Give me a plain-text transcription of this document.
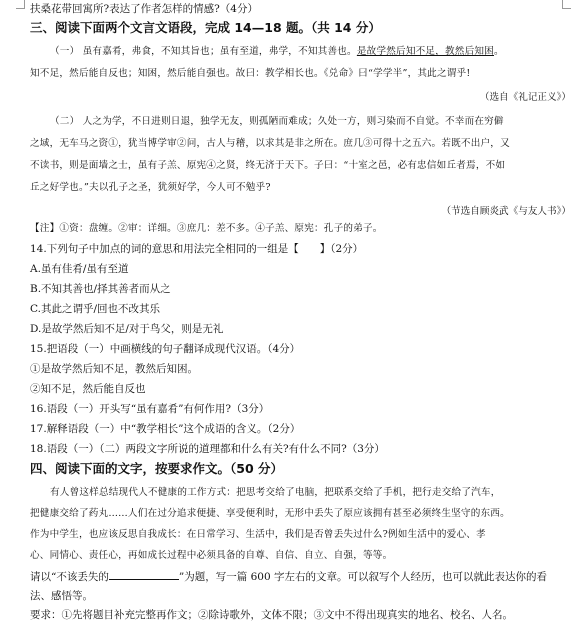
扶桑花带回寓所?表达了作者怎样的情感?（4分）
三、阅读下面两个文言文语段，完成 14—18 题。（共 14 分）
（一） 虽有嘉肴，弗食，不知其旨也；虽有至道，弗学，不知其善也。是故学然后知不足，教然后知困。
知不足，然后能自反也；知困，然后能自强也。故曰：教学相长也。《兑命》曰“学学半”，其此之谓乎!
（选自《礼记正义》）
（二） 人之为学，不日进则日退，独学无友，则孤陋而难成；久处一方，则习染而不自觉。不幸而在穷僻
之域，无车马之资①，犹当博学审②问，古人与稽，以求其是非之所在。庶几③可得十之五六。若既不出户，又
不读书，则是面墙之士，虽有子羔、原宪④之贤，终无济于天下。子曰：“十室之邑，必有忠信如丘者焉，不如
丘之好学也。”夫以孔子之圣，犹须好学，今人可不勉乎?
（节选自顾炎武《与友人书》）
【注】①资：盘缠。②审：详细。③庶几：差不多。④子羔、原宪：孔子的弟子。
14.下列句子中加点的词的意思和用法完全相同的一组是【　　】（2分）
A.虽有佳肴/虽有至道
B.不知其善也/择其善者而从之
C.其此之谓乎/回也不改其乐
D.是故学然后知不足/对于鸟父，则是无礼
15.把语段（一）中画横线的句子翻译成现代汉语。（4分）
①是故学然后知不足，教然后知困。
②知不足，然后能自反也
16.语段（一）开头写“虽有嘉肴”有何作用?（3分）
17.解释语段（一）中“教学相长”这个成语的含义。（2分）
18.语段（一）（二）两段文字所说的道理都和什么有关?有什么不同?（3分）
四、阅读下面的文字，按要求作文。（50 分）
有人曾这样总结现代人不健康的工作方式：把思考交给了电脑，把联系交给了手机，把行走交给了汽车，
把健康交给了药丸……人们在过分追求便捷、享受便利时，无形中丢失了原应该拥有甚至必须终生坚守的东西。
作为中学生，也应该反思自我成长：在日常学习、生活中，我们是否曾丢失过什么?例如生活中的爱心、孝
心、同情心、责任心，再如成长过程中必须具备的自尊、自信、自立、自强，等等。
请以“不该丢失的	”为题，写一篇 600 字左右的文章。可以叙写个人经历，也可以就此表达你的看
法、感悟等。
要求：①先将题目补充完整再作文；②除诗歌外，文体不限；③文中不得出现真实的地名、校名、人名。
